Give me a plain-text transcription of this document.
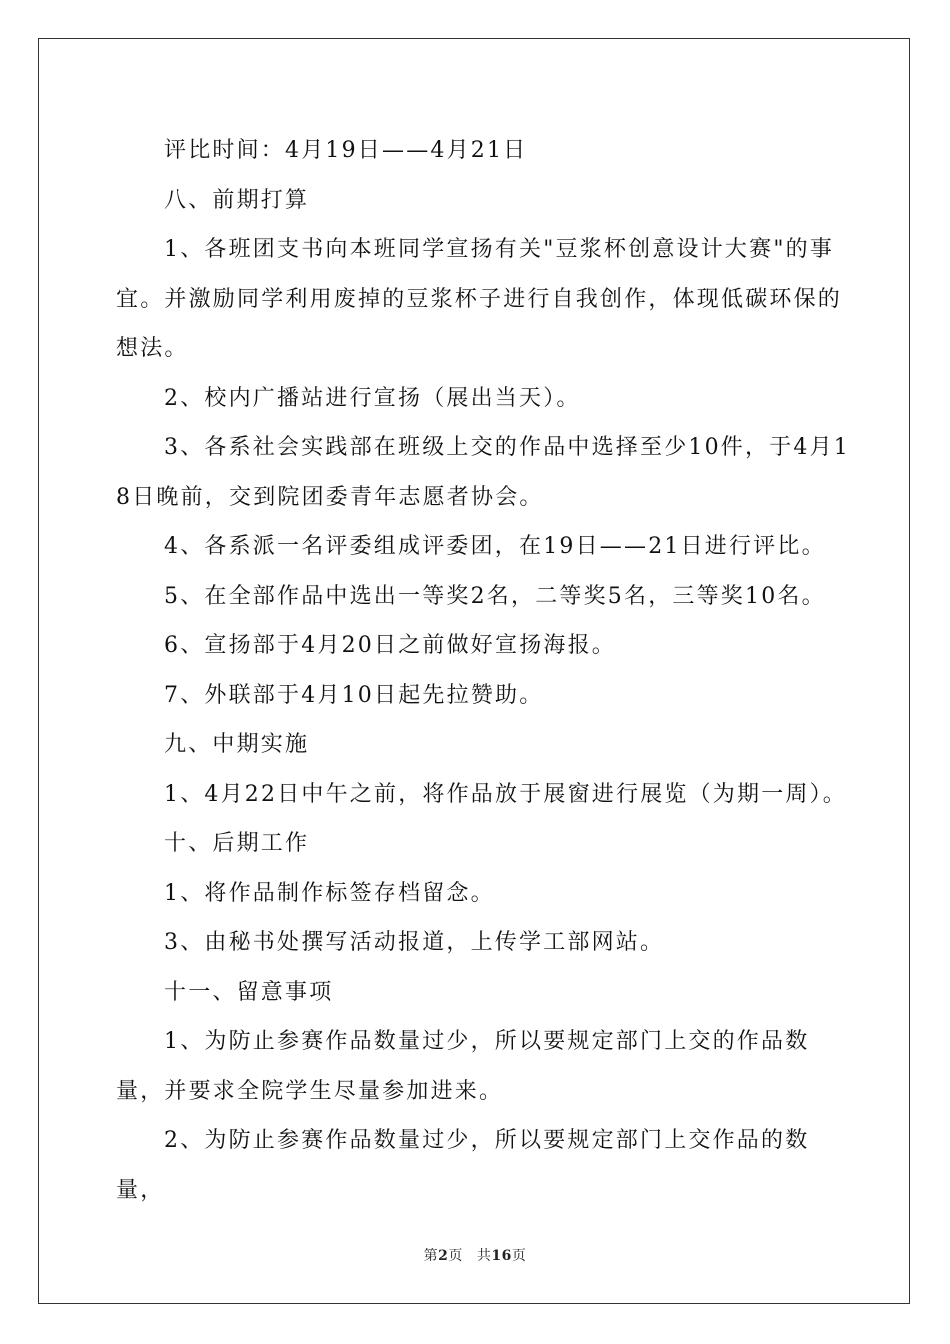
评比时间：4月19日——4月21日

八、前期打算

1、各班团支书向本班同学宣扬有关"豆浆杯创意设计大赛"的事宜。并激励同学利用废掉的豆浆杯子进行自我创作，体现低碳环保的想法。

2、校内广播站进行宣扬（展出当天）。

3、各系社会实践部在班级上交的作品中选择至少10件，于4月18日晚前，交到院团委青年志愿者协会。

4、各系派一名评委组成评委团，在19日——21日进行评比。

5、在全部作品中选出一等奖2名，二等奖5名，三等奖10名。

6、宣扬部于4月20日之前做好宣扬海报。

7、外联部于4月10日起先拉赞助。

九、中期实施

1、4月22日中午之前，将作品放于展窗进行展览（为期一周）。

十、后期工作

1、将作品制作标签存档留念。

3、由秘书处撰写活动报道，上传学工部网站。

十一、留意事项

1、为防止参赛作品数量过少，所以要规定部门上交的作品数量，并要求全院学生尽量参加进来。

2、为防止参赛作品数量过少，所以要规定部门上交作品的数量，

第2页 共16页
